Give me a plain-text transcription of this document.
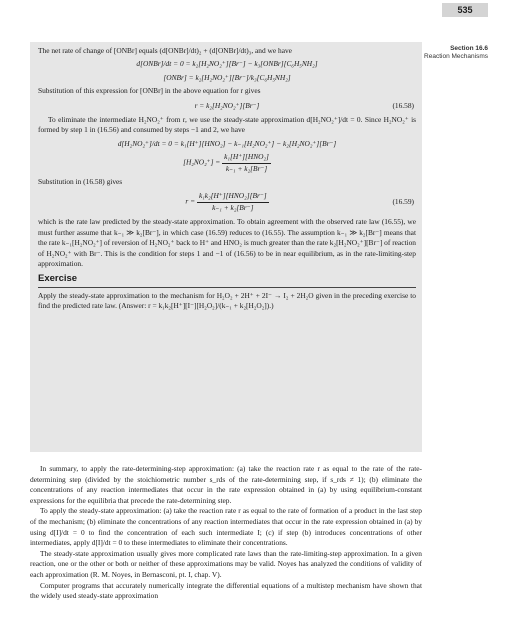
535
Section 16.6
Reaction Mechanisms

The net rate of change of [ONBr] equals (d[ONBr]/dt)₂ + (d[ONBr]/dt)₃, and we have

d[ONBr]/dt = 0 = k₂[H₂NO₂⁺][Br⁻] − k₃[ONBr][C₆H₅NH₂]
[ONBr] = k₂[H₂NO₂⁺][Br⁻]/k₃[C₆H₅NH₂]

Substitution of this expression for [ONBr] in the above equation for r gives

r = k₂[H₂NO₂⁺][Br⁻]	(16.58)

To eliminate the intermediate H₂NO₂⁺ from r, we use the steady-state approximation d[H₂NO₂⁺]/dt = 0. Since H₂NO₂⁺ is formed by step 1 in (16.56) and consumed by steps −1 and 2, we have

d[H₂NO₂⁺]/dt = 0 = k₁[H⁺][HNO₂] − k₋₁[H₂NO₂⁺] − k₂[H₂NO₂⁺][Br⁻]
$[H_2NO_2^+] = \frac{\text{k₁[H⁺][HNO₂]}}{\text{k₋₁ + k₂[Br⁻]}}$

Substitution in (16.58) gives

$r = \frac{\text{k₁k₂[H⁺][HNO₂][Br⁻]}}{\text{k₋₁ + k₂[Br⁻]}}$	(16.59)

which is the rate law predicted by the steady-state approximation. To obtain agreement with the observed rate law (16.55), we must further assume that k₋₁ ≫ k₂[Br⁻], in which case (16.59) reduces to (16.55). The assumption k₋₁ ≫ k₂[Br⁻] means that the rate k₋₁[H₂NO₂⁺] of reversion of H₂NO₂⁺ back to H⁺ and HNO₂ is much greater than the rate k₂[H₂NO₂⁺][Br⁻] of reaction of H₂NO₂⁺ with Br⁻. This is the condition for steps 1 and −1 of (16.56) to be in near equilibrium, as in the rate-limiting-step approximation.

Exercise

Apply the steady-state approximation to the mechanism for H₂O₂ + 2H⁺ + 2I⁻ → I₂ + 2H₂O given in the preceding exercise to find the predicted rate law. (Answer: r = k₁k₂[H⁺][I⁻][H₂O₂]/(k₋₁ + k₂[H₂O₂]).)

In summary, to apply the rate-determining-step approximation: (a) take the reaction rate r as equal to the rate of the rate-determining step (divided by the stoichiometric number s_rds of the rate-determining step, if s_rds ≠ 1); (b) eliminate the concentrations of any reaction intermediates that occur in the rate expression obtained in (a) by using equilibrium-constant expressions for the equilibria that precede the rate-determining step.

To apply the steady-state approximation: (a) take the reaction rate r as equal to the rate of formation of a product in the last step of the mechanism; (b) eliminate the concentrations of any reaction intermediates that occur in the rate expression obtained in (a) by using d[I]/dt = 0 to find the concentration of each such intermediate I; (c) if step (b) introduces concentrations of other intermediates, apply d[I]/dt = 0 to these intermediates to eliminate their concentrations.

The steady-state approximation usually gives more complicated rate laws than the rate-limiting-step approximation. In a given reaction, one or the other or both or neither of these approximations may be valid. Noyes has analyzed the conditions of validity of each approximation (R. M. Noyes, in Bernasconi, pt. I, chap. V).

Computer programs that accurately numerically integrate the differential equations of a multistep mechanism have shown that the widely used steady-state approximation
